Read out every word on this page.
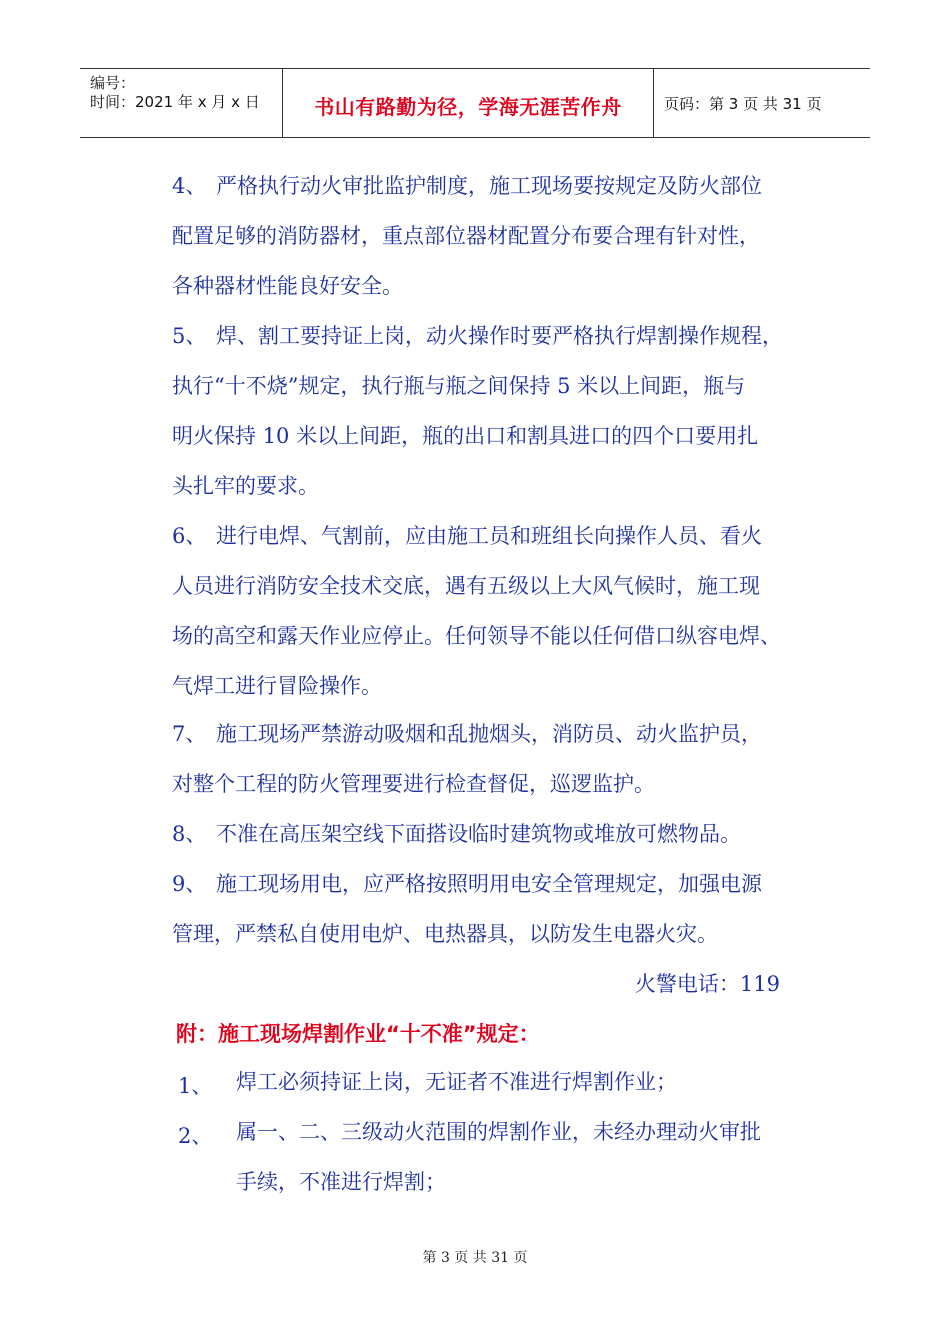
编号：
时间：2021 年 x 月 x 日	书山有路勤为径，学海无涯苦作舟	页码：第 3 页 共 31 页
4、 严格执行动火审批监护制度，施工现场要按规定及防火部位
配置足够的消防器材，重点部位器材配置分布要合理有针对性，
各种器材性能良好安全。
5、 焊、割工要持证上岗，动火操作时要严格执行焊割操作规程，
执行“十不烧”规定，执行瓶与瓶之间保持 5 米以上间距，瓶与
明火保持 10 米以上间距，瓶的出口和割具进口的四个口要用扎
头扎牢的要求。
6、 进行电焊、气割前，应由施工员和班组长向操作人员、看火
人员进行消防安全技术交底，遇有五级以上大风气候时，施工现
场的高空和露天作业应停止。任何领导不能以任何借口纵容电焊、
气焊工进行冒险操作。
7、 施工现场严禁游动吸烟和乱抛烟头，消防员、动火监护员，
对整个工程的防火管理要进行检查督促，巡逻监护。
8、 不准在高压架空线下面搭设临时建筑物或堆放可燃物品。
9、 施工现场用电，应严格按照明用电安全管理规定，加强电源
管理，严禁私自使用电炉、电热器具，以防发生电器火灾。
火警电话：119
附：施工现场焊割作业“十不准”规定：
1、 焊工必须持证上岗，无证者不准进行焊割作业；
2、 属一、二、三级动火范围的焊割作业，未经办理动火审批
手续，不准进行焊割；
第 3 页 共 31 页
